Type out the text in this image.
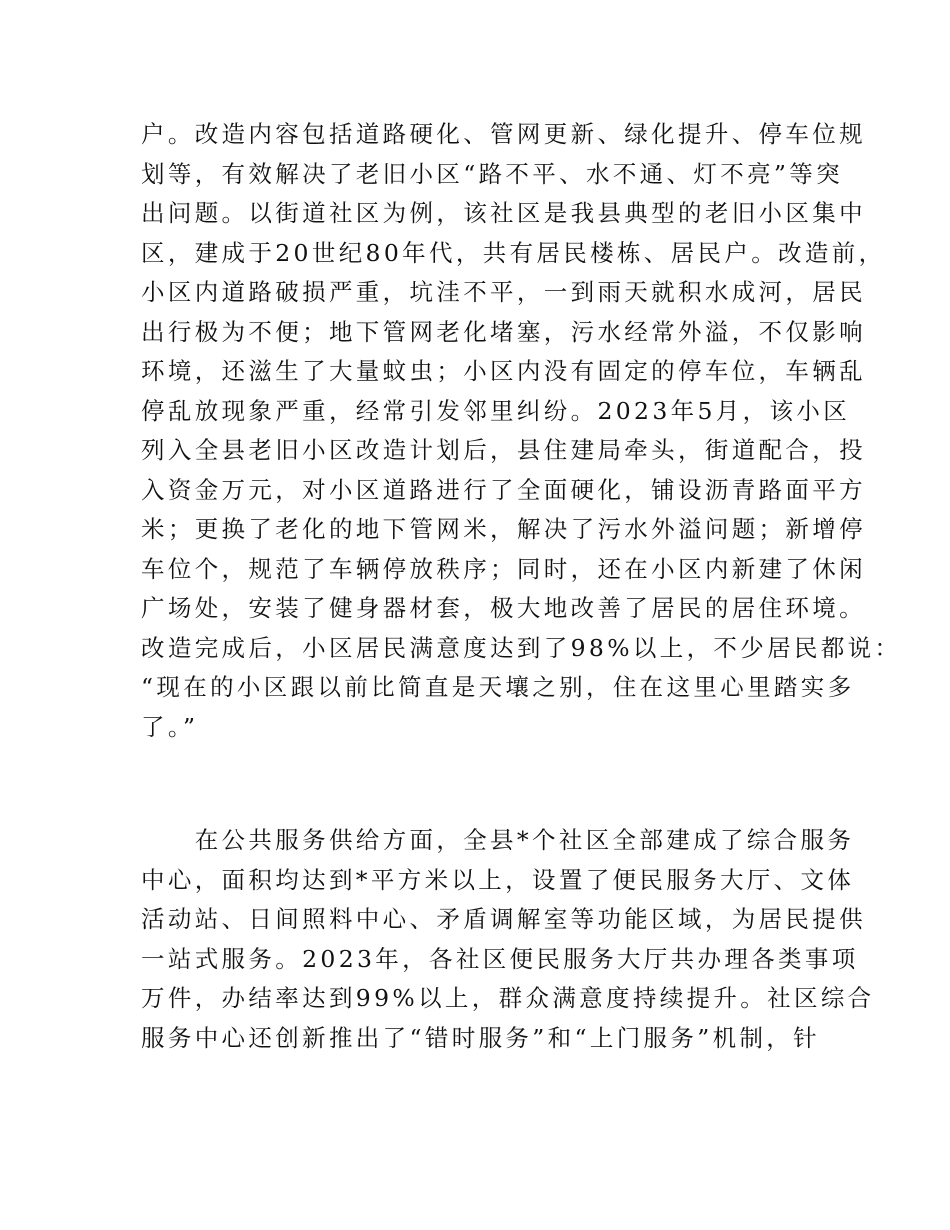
户。改造内容包括道路硬化、管网更新、绿化提升、停车位规
划等，有效解决了老旧小区“路不平、水不通、灯不亮”等突
出问题。以街道社区为例，该社区是我县典型的老旧小区集中
区，建成于20世纪80年代，共有居民楼栋、居民户。改造前，
小区内道路破损严重，坑洼不平，一到雨天就积水成河，居民
出行极为不便；地下管网老化堵塞，污水经常外溢，不仅影响
环境，还滋生了大量蚊虫；小区内没有固定的停车位，车辆乱
停乱放现象严重，经常引发邻里纠纷。2023年5月，该小区
列入全县老旧小区改造计划后，县住建局牵头，街道配合，投
入资金万元，对小区道路进行了全面硬化，铺设沥青路面平方
米；更换了老化的地下管网米，解决了污水外溢问题；新增停
车位个，规范了车辆停放秩序；同时，还在小区内新建了休闲
广场处，安装了健身器材套，极大地改善了居民的居住环境。
改造完成后，小区居民满意度达到了98%以上，不少居民都说：
“现在的小区跟以前比简直是天壤之别，住在这里心里踏实多
了。”
　　在公共服务供给方面，全县*个社区全部建成了综合服务
中心，面积均达到*平方米以上，设置了便民服务大厅、文体
活动站、日间照料中心、矛盾调解室等功能区域，为居民提供
一站式服务。2023年，各社区便民服务大厅共办理各类事项
万件，办结率达到99%以上，群众满意度持续提升。社区综合
服务中心还创新推出了“错时服务”和“上门服务”机制，针
